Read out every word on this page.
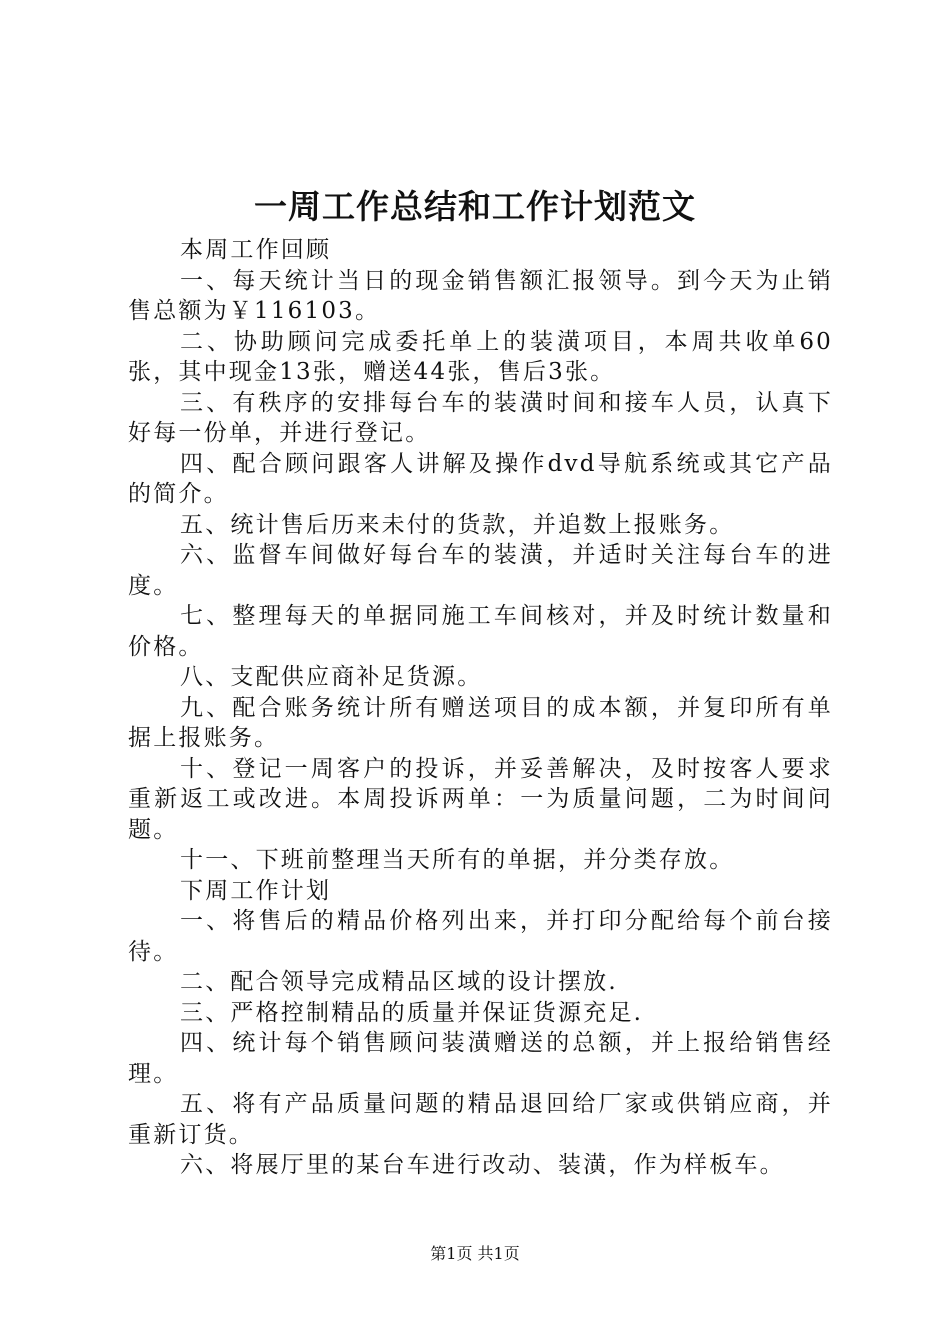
一周工作总结和工作计划范文

本周工作回顾

一、每天统计当日的现金销售额汇报领导。到今天为止销售总额为￥116103。

二、协助顾问完成委托单上的装潢项目，本周共收单60张，其中现金13张，赠送44张，售后3张。

三、有秩序的安排每台车的装潢时间和接车人员，认真下好每一份单，并进行登记。

四、配合顾问跟客人讲解及操作dvd导航系统或其它产品的简介。

五、统计售后历来未付的货款，并追数上报账务。

六、监督车间做好每台车的装潢，并适时关注每台车的进度。

七、整理每天的单据同施工车间核对，并及时统计数量和价格。

八、支配供应商补足货源。

九、配合账务统计所有赠送项目的成本额，并复印所有单据上报账务。

十、登记一周客户的投诉，并妥善解决，及时按客人要求重新返工或改进。本周投诉两单：一为质量问题，二为时间问题。

十一、下班前整理当天所有的单据，并分类存放。

下周工作计划

一、将售后的精品价格列出来，并打印分配给每个前台接待。

二、配合领导完成精品区域的设计摆放.

三、严格控制精品的质量并保证货源充足.

四、统计每个销售顾问装潢赠送的总额，并上报给销售经理。

五、将有产品质量问题的精品退回给厂家或供销应商，并重新订货。

六、将展厅里的某台车进行改动、装潢，作为样板车。

第1页 共1页
